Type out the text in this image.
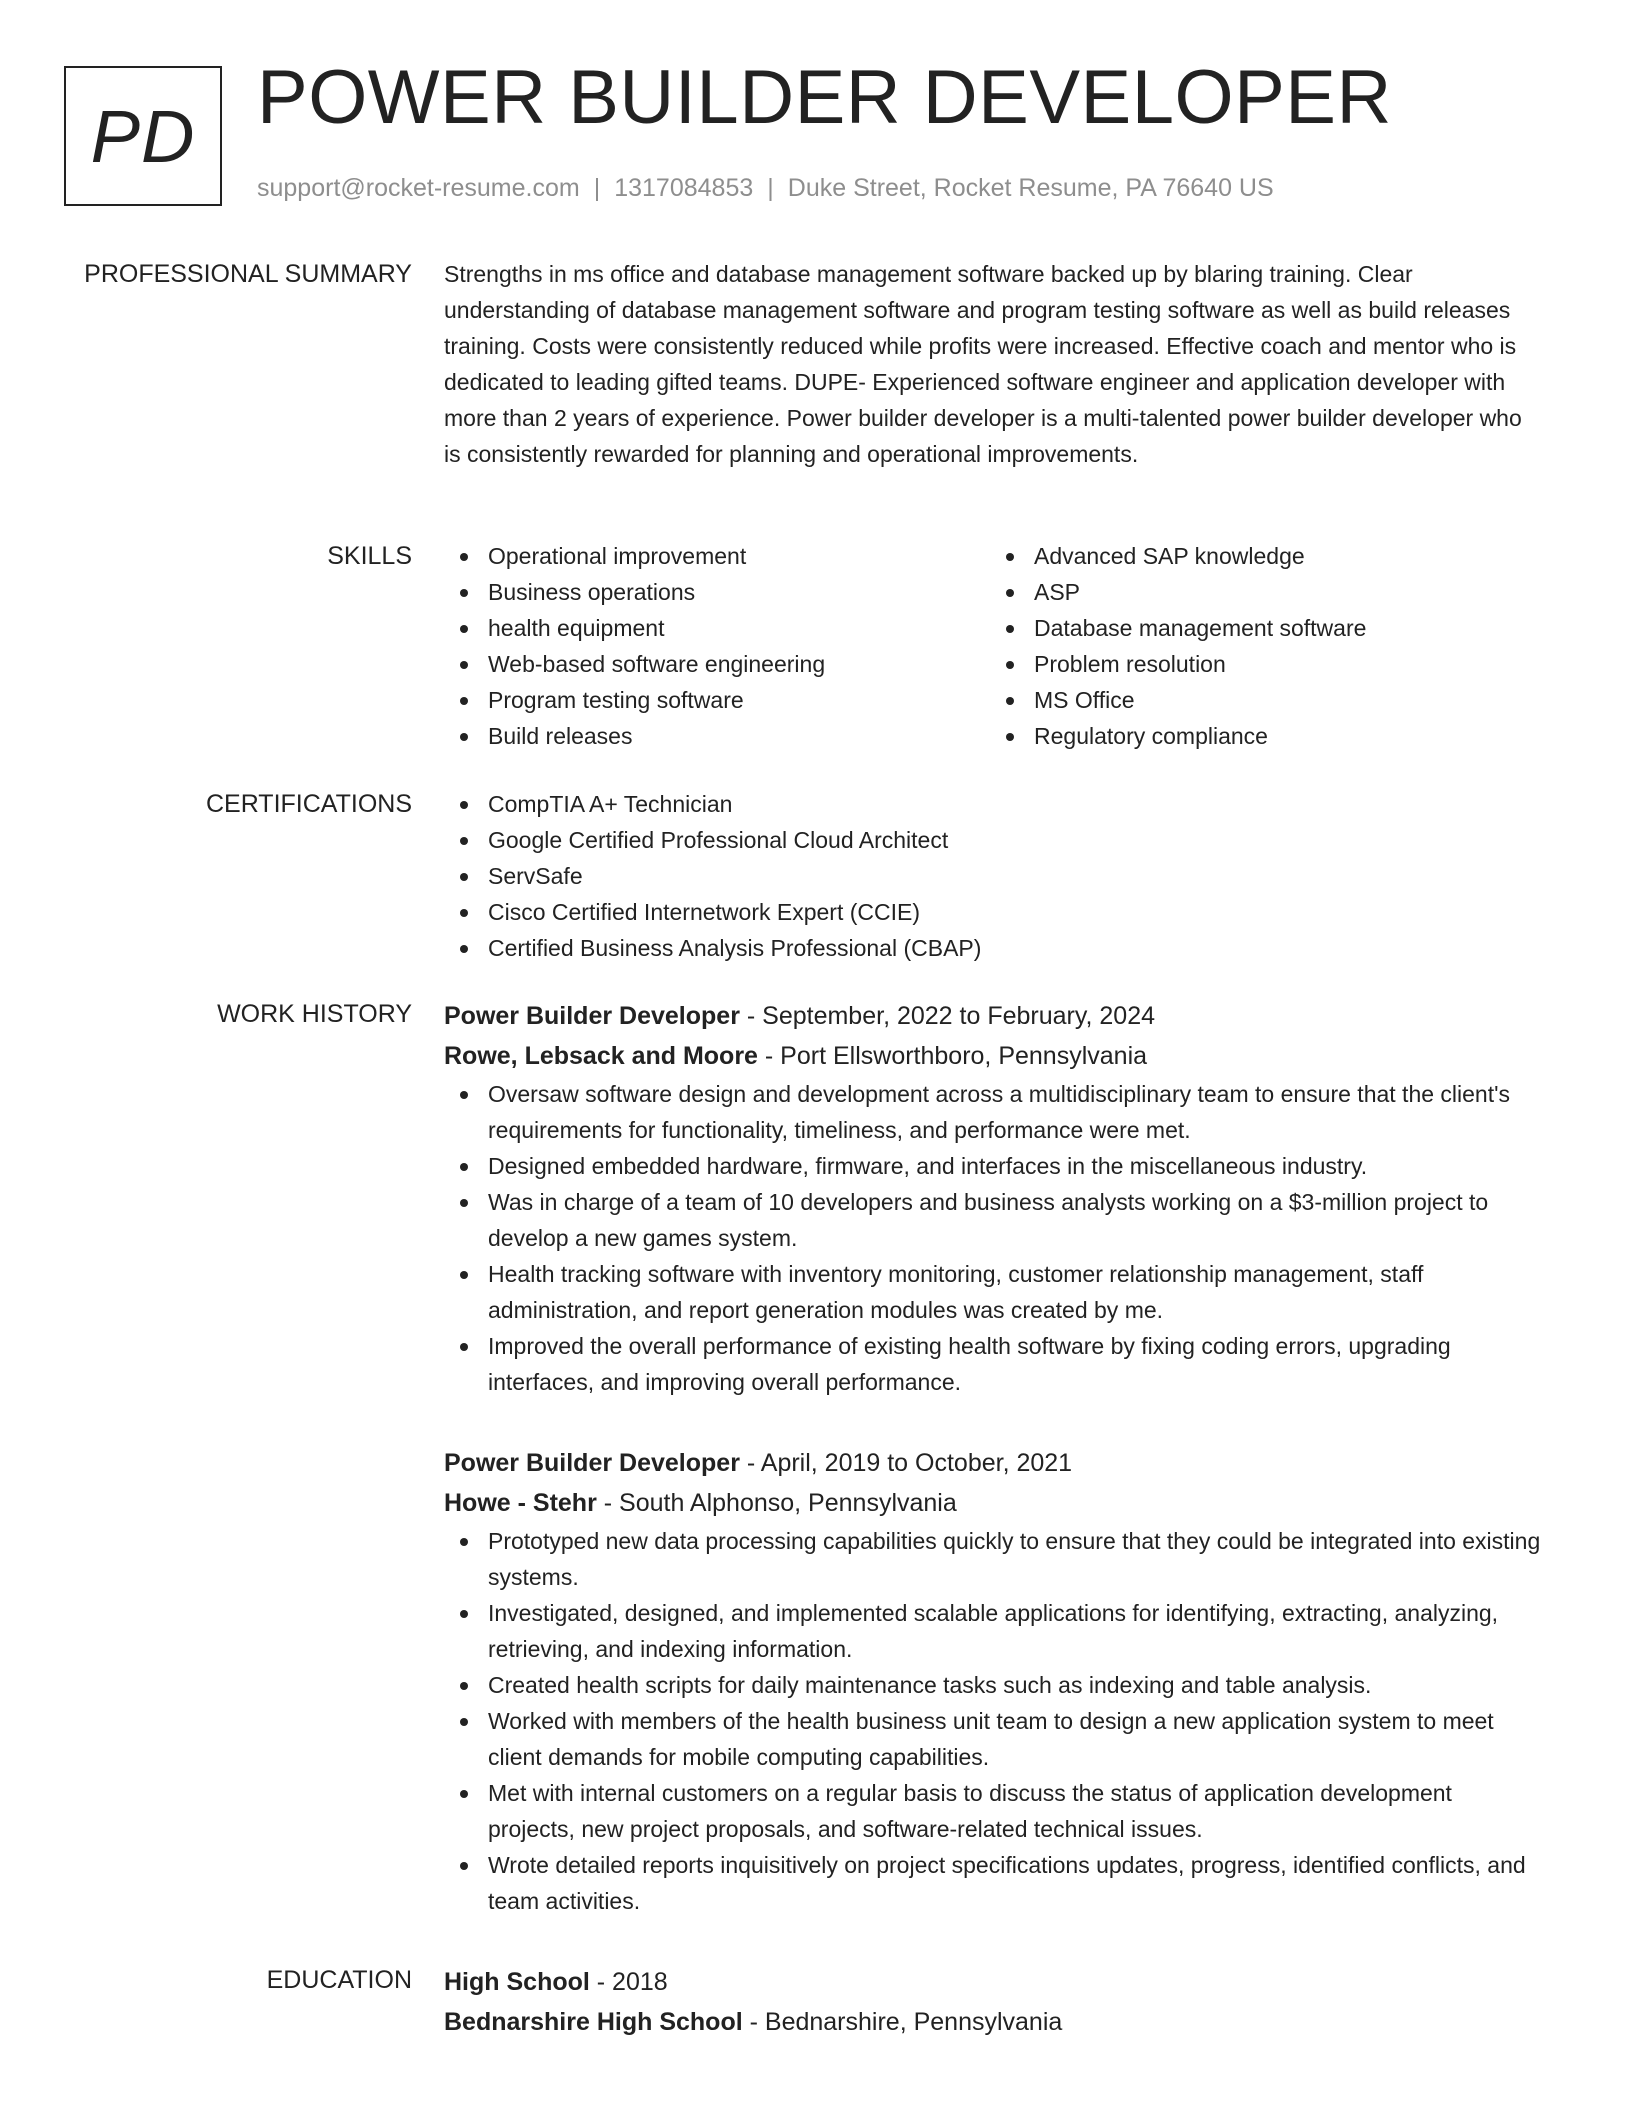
PD POWER BUILDER DEVELOPER
support@rocket-resume.com | 1317084853 | Duke Street, Rocket Resume, PA 76640 US
PROFESSIONAL SUMMARY Strengths in ms office and database management software backed up by blaring training. Clear understanding of database management software and program testing software as well as build releases training. Costs were consistently reduced while profits were increased. Effective coach and mentor who is dedicated to leading gifted teams. DUPE- Experienced software engineer and application developer with more than 2 years of experience. Power builder developer is a multi-talented power builder developer who is consistently rewarded for planning and operational improvements.

SKILLS	Operational improvement
Business operations
health equipment
Web-based software engineering
Program testing software
Build releases
Advanced SAP knowledge
ASP
Database management software
Problem resolution
MS Office
Regulatory compliance
CERTIFICATIONS	CompTIA A+ Technician
Google Certified Professional Cloud Architect
ServSafe
Cisco Certified Internetwork Expert (CCIE)
Certified Business Analysis Professional (CBAP)
WORK HISTORY Power Builder Developer - September, 2022 to February, 2024
Rowe, Lebsack and Moore - Port Ellsworthboro, Pennsylvania
Oversaw software design and development across a multidisciplinary team to ensure that the client's requirements for functionality, timeliness, and performance were met.
Designed embedded hardware, firmware, and interfaces in the miscellaneous industry.
Was in charge of a team of 10 developers and business analysts working on a $3-million project to develop a new games system.
Health tracking software with inventory monitoring, customer relationship management, staff administration, and report generation modules was created by me.
Improved the overall performance of existing health software by fixing coding errors, upgrading interfaces, and improving overall performance.
Power Builder Developer - April, 2019 to October, 2021
Howe - Stehr - South Alphonso, Pennsylvania
Prototyped new data processing capabilities quickly to ensure that they could be integrated into existing systems.
Investigated, designed, and implemented scalable applications for identifying, extracting, analyzing, retrieving, and indexing information.
Created health scripts for daily maintenance tasks such as indexing and table analysis.
Worked with members of the health business unit team to design a new application system to meet client demands for mobile computing capabilities.
Met with internal customers on a regular basis to discuss the status of application development projects, new project proposals, and software-related technical issues.
Wrote detailed reports inquisitively on project specifications updates, progress, identified conflicts, and team activities.
EDUCATION High School - 2018
Bednarshire High School - Bednarshire, Pennsylvania
